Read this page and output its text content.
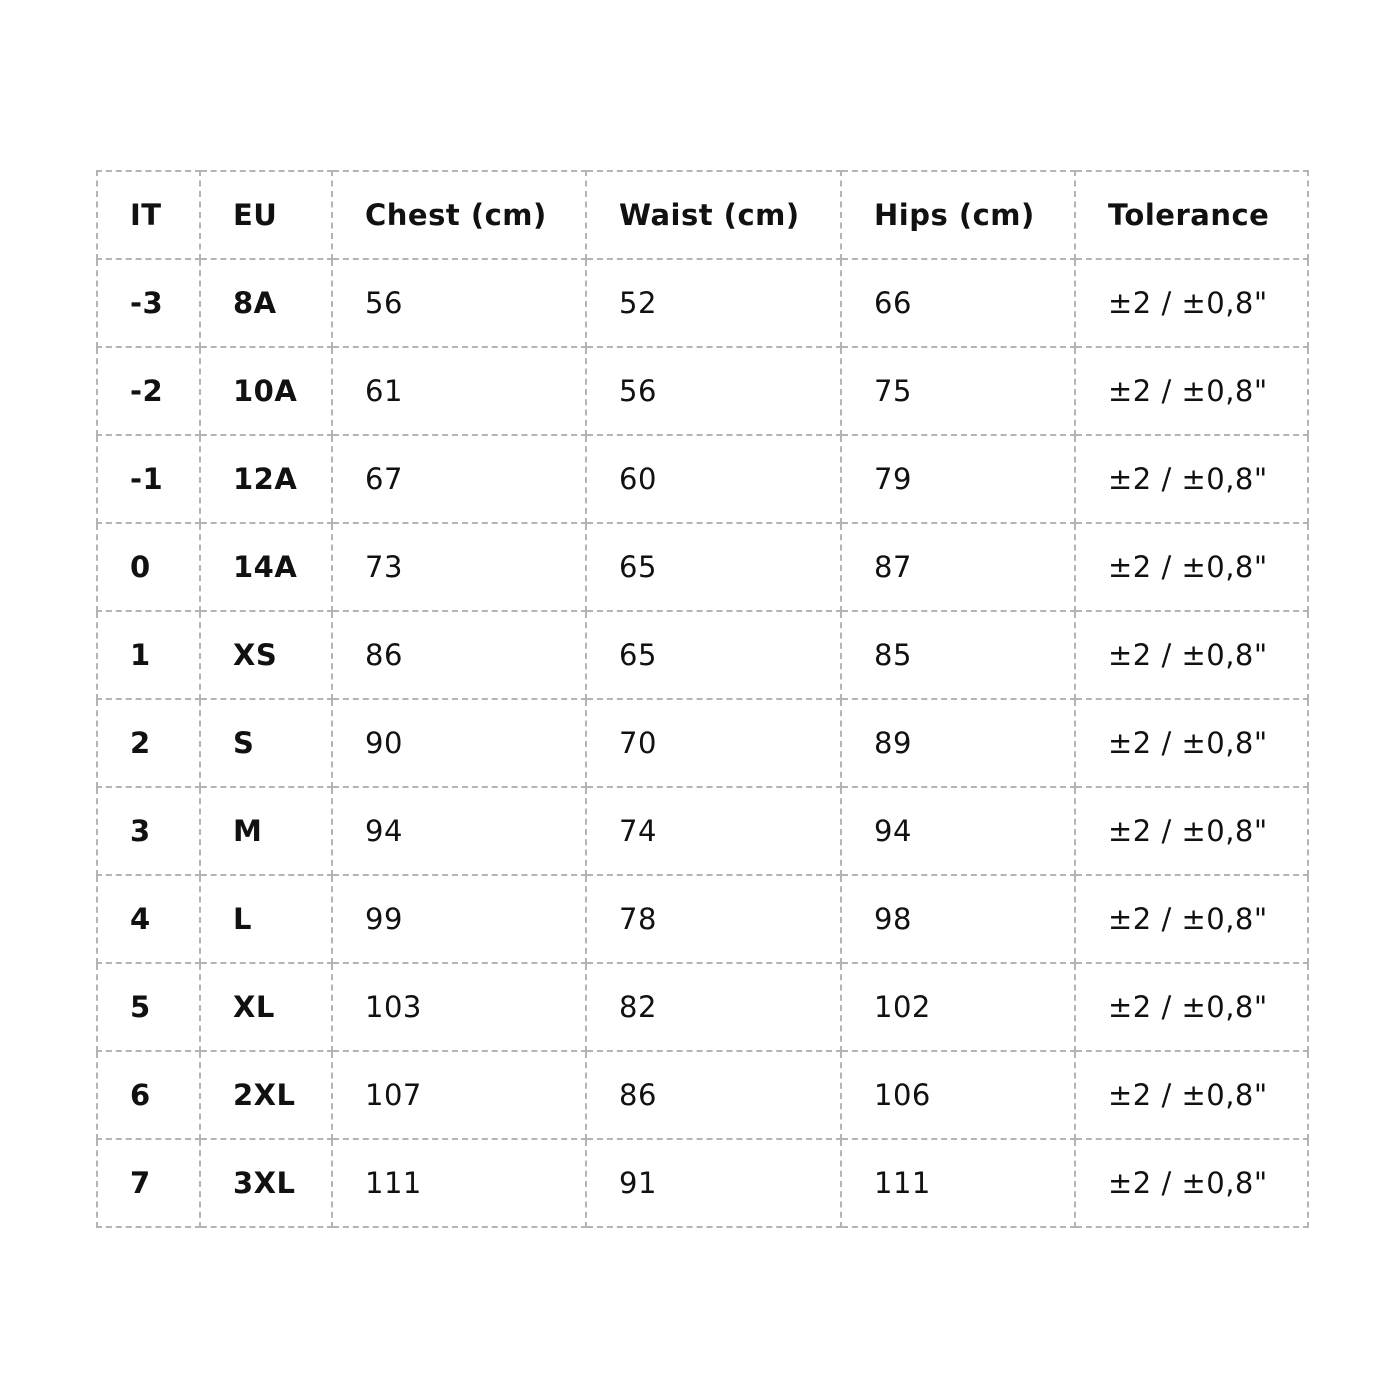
IT	EU	Chest (cm)	Waist (cm)	Hips (cm)	Tolerance
-3	8A	56	52	66	±2 / ±0,8"
-2	10A	61	56	75	±2 / ±0,8"
-1	12A	67	60	79	±2 / ±0,8"
0	14A	73	65	87	±2 / ±0,8"
1	XS	86	65	85	±2 / ±0,8"
2	S	90	70	89	±2 / ±0,8"
3	M	94	74	94	±2 / ±0,8"
4	L	99	78	98	±2 / ±0,8"
5	XL	103	82	102	±2 / ±0,8"
6	2XL	107	86	106	±2 / ±0,8"
7	3XL	111	91	111	±2 / ±0,8"
